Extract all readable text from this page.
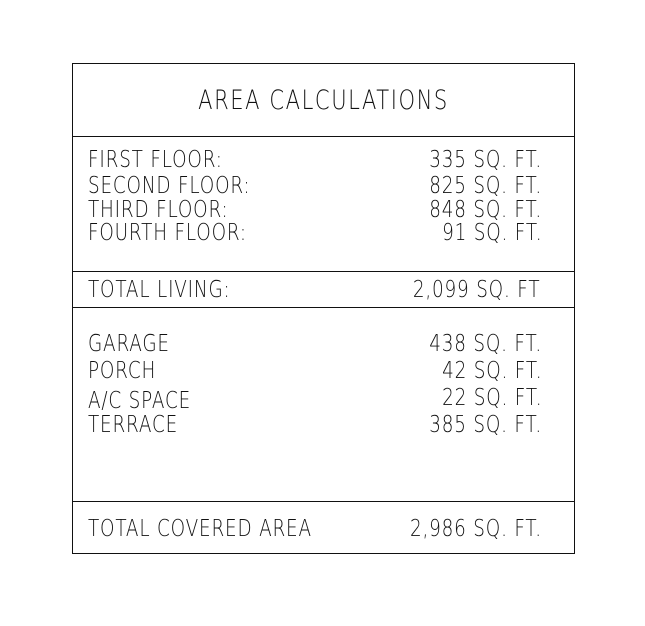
AREA CALCULATIONS
FIRST FLOOR:	335 SQ. FT.
SECOND FLOOR:	825 SQ. FT.
THIRD FLOOR:	848 SQ. FT.
FOURTH FLOOR:	91 SQ. FT.
TOTAL LIVING:	2,099 SQ. FT
GARAGE	438 SQ. FT.
PORCH	42 SQ. FT.
A/C SPACE	22 SQ. FT.
TERRACE	385 SQ. FT.
TOTAL COVERED AREA	2,986 SQ. FT.
